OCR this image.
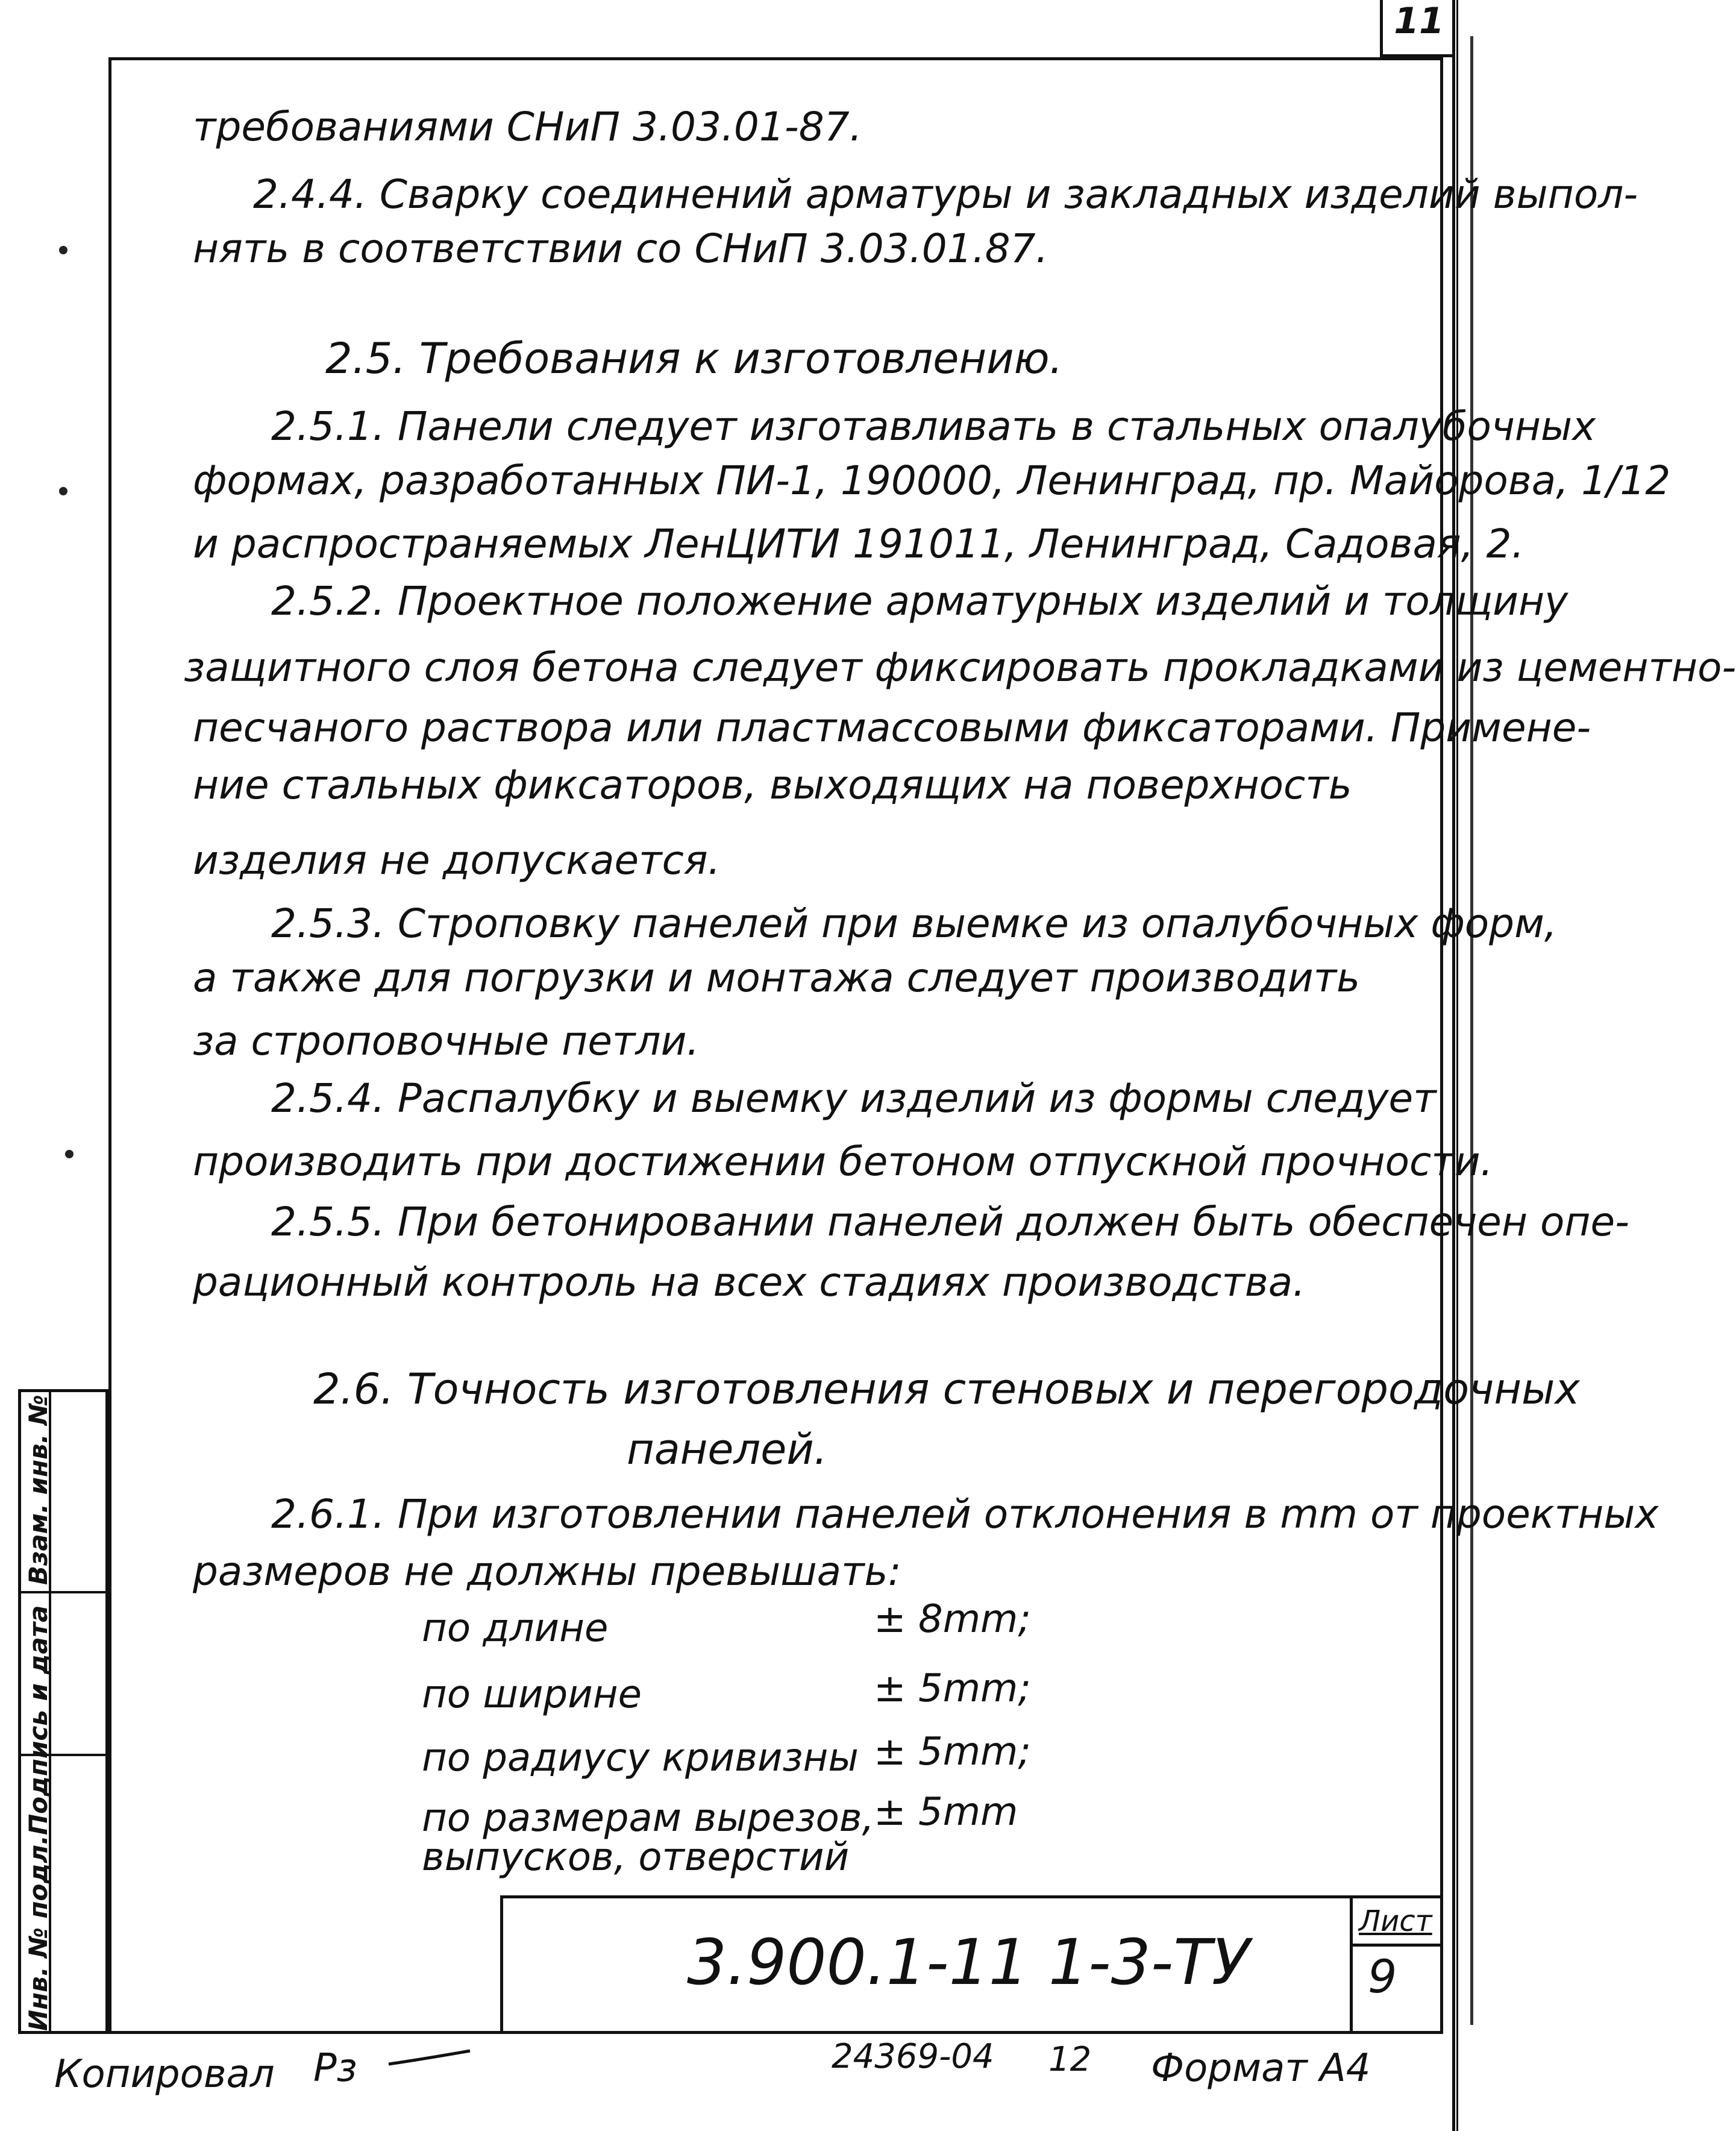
11
требованиями СНиП 3.03.01-87.
2.4.4. Сварку соединений арматуры и закладных изделий выпол-
нять в соответствии со СНиП 3.03.01.87.
2.5. Требования к изготовлению.
2.5.1. Панели следует изготавливать в стальных опалубочных
формах, разработанных ПИ-1, 190000, Ленинград, пр. Майорова, 1/12
и распространяемых ЛенЦИТИ 191011, Ленинград, Садовая, 2.
2.5.2. Проектное положение арматурных изделий и толщину
защитного слоя бетона следует фиксировать прокладками из цементно-
песчаного раствора или пластмассовыми фиксаторами. Примене-
ние стальных фиксаторов, выходящих на поверхность
изделия не допускается.
2.5.3. Строповку панелей при выемке из опалубочных форм,
а также для погрузки и монтажа следует производить
за строповочные петли.
2.5.4. Распалубку и выемку изделий из формы следует
производить при достижении бетоном отпускной прочности.
2.5.5. При бетонировании панелей должен быть обеспечен опе-
рационный контроль на всех стадиях производства.
2.6. Точность изготовления стеновых и перегородочных
панелей.
2.6.1. При изготовлении панелей отклонения в mm от проектных
размеров не должны превышать:
по длине	± 8mm;
по ширине	± 5mm;
по радиусу кривизны ± 5mm;
по размерам вырезов, ± 5mm
выпусков, отверстий
Инв. № подл.
Подпись и дата
Взам. инв. №
3.900.1-11 1-3-ТУ
Лист
9
Копировал Рз	24369-04 12 Формат А4
